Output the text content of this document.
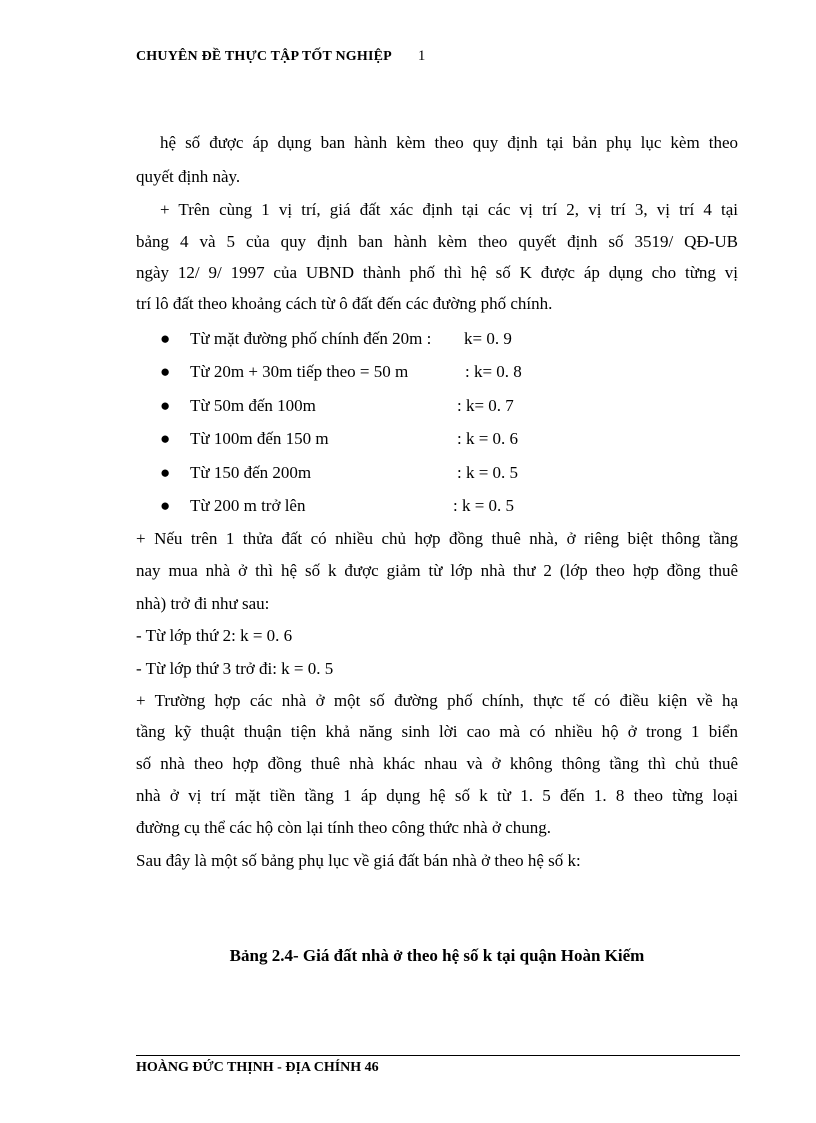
CHUYÊN ĐỀ THỰC TẬP TỐT NGHIỆP 1
hệ số được áp dụng ban hành kèm theo quy định tại bản phụ lục kèm theo
quyết định này.
+ Trên cùng 1 vị trí, giá đất xác định tại các vị trí 2, vị trí 3, vị trí 4 tại
bảng 4 và 5 của quy định ban hành kèm theo quyết định số 3519/ QĐ-UB
ngày 12/ 9/ 1997 của UBND thành phố thì hệ số K được áp dụng cho từng vị
trí lô đất theo khoảng cách từ ô đất đến các đường phố chính.
● Từ mặt đường phố chính đến 20m : k= 0. 9
● Từ 20m + 30m tiếp theo = 50 m	: k= 0. 8
● Từ 50m đến 100m	: k= 0. 7
● Từ 100m đến 150 m	: k = 0. 6
● Từ 150 đến 200m	: k = 0. 5
● Từ 200 m trở lên	: k = 0. 5
+ Nếu trên 1 thửa đất có nhiều chủ hợp đồng thuê nhà, ở riêng biệt thông tầng
nay mua nhà ở thì hệ số k được giảm từ lớp nhà thư 2 (lớp theo hợp đồng thuê
nhà) trở đi như sau:
- Từ lớp thứ 2: k = 0. 6
- Từ lớp thứ 3 trở đi: k = 0. 5
+ Trường hợp các nhà ở một số đường phố chính, thực tế có điều kiện về hạ
tầng kỹ thuật thuận tiện khả năng sinh lời cao mà có nhiều hộ ở trong 1 biển
số nhà theo hợp đồng thuê nhà khác nhau và ở không thông tầng thì chủ thuê
nhà ở vị trí mặt tiền tầng 1 áp dụng hệ số k từ 1. 5 đến 1. 8 theo từng loại
đường cụ thể các hộ còn lại tính theo công thức nhà ở chung.
Sau đây là một số bảng phụ lục về giá đất bán nhà ở theo hệ số k:
Bảng 2.4- Giá đất nhà ở theo hệ số k tại quận Hoàn Kiếm
HOÀNG ĐỨC THỊNH - ĐỊA CHÍNH 46
